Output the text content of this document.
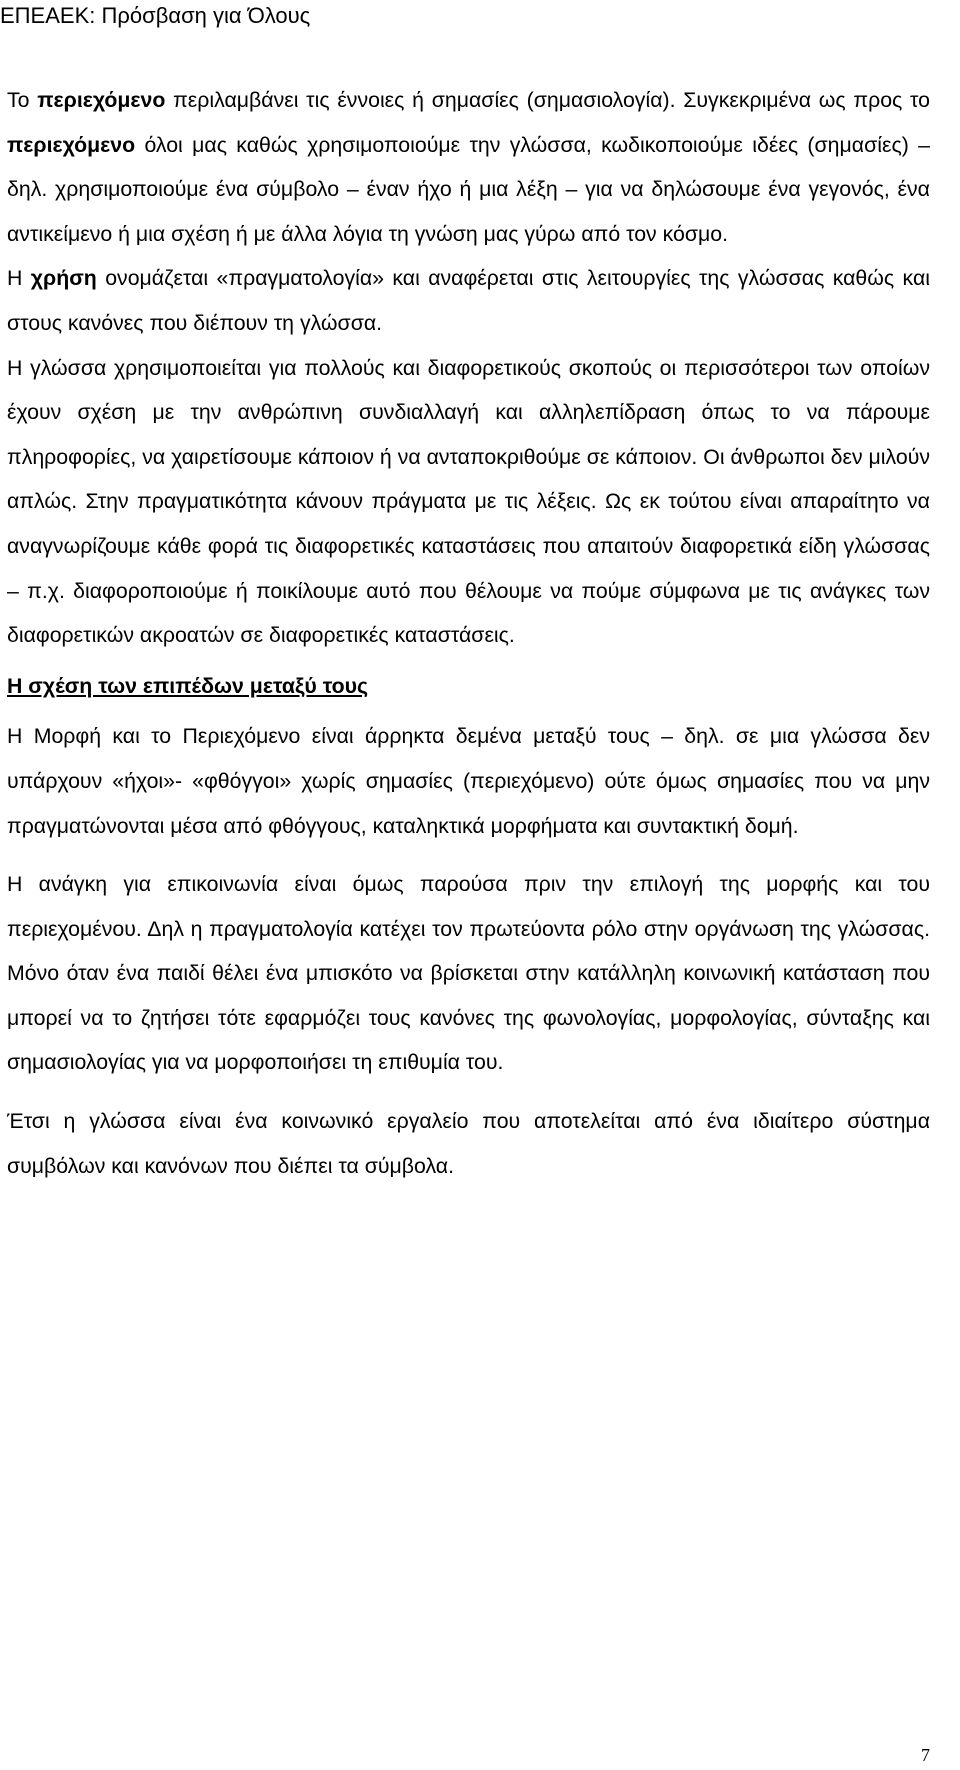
ΕΠΕΑΕΚ: Πρόσβαση για Όλους

Το περιεχόμενο περιλαμβάνει τις έννοιες ή σημασίες (σημασιολογία). Συγκεκριμένα ως προς το περιεχόμενο όλοι μας καθώς χρησιμοποιούμε την γλώσσα, κωδικοποιούμε ιδέες (σημασίες) – δηλ. χρησιμοποιούμε ένα σύμβολο – έναν ήχο ή μια λέξη – για να δηλώσουμε ένα γεγονός, ένα αντικείμενο ή μια σχέση ή με άλλα λόγια τη γνώση μας γύρω από τον κόσμο.

Η χρήση ονομάζεται «πραγματολογία» και αναφέρεται στις λειτουργίες της γλώσσας καθώς και στους κανόνες που διέπουν τη γλώσσα.

Η γλώσσα χρησιμοποιείται για πολλούς και διαφορετικούς σκοπούς οι περισσότεροι των οποίων έχουν σχέση με την ανθρώπινη συνδιαλλαγή και αλληλεπίδραση όπως το να πάρουμε πληροφορίες, να χαιρετίσουμε κάποιον ή να ανταποκριθούμε σε κάποιον. Οι άνθρωποι δεν μιλούν απλώς. Στην πραγματικότητα κάνουν πράγματα με τις λέξεις. Ως εκ τούτου είναι απαραίτητο να αναγνωρίζουμε κάθε φορά τις διαφορετικές καταστάσεις που απαιτούν διαφορετικά είδη γλώσσας – π.χ. διαφοροποιούμε ή ποικίλουμε αυτό που θέλουμε να πούμε σύμφωνα με τις ανάγκες των διαφορετικών ακροατών σε διαφορετικές καταστάσεις.

Η σχέση των επιπέδων μεταξύ τους

Η Μορφή και το Περιεχόμενο είναι άρρηκτα δεμένα μεταξύ τους – δηλ. σε μια γλώσσα δεν υπάρχουν «ήχοι»- «φθόγγοι» χωρίς σημασίες (περιεχόμενο) ούτε όμως σημασίες που να μην πραγματώνονται μέσα από φθόγγους, καταληκτικά μορφήματα και συντακτική δομή.

Η ανάγκη για επικοινωνία είναι όμως παρούσα πριν την επιλογή της μορφής και του περιεχομένου. Δηλ η πραγματολογία κατέχει τον πρωτεύοντα ρόλο στην οργάνωση της γλώσσας. Μόνο όταν ένα παιδί θέλει ένα μπισκότο να βρίσκεται στην κατάλληλη κοινωνική κατάσταση που μπορεί να το ζητήσει τότε εφαρμόζει τους κανόνες της φωνολογίας, μορφολογίας, σύνταξης και σημασιολογίας για να μορφοποιήσει τη επιθυμία του.

Έτσι η γλώσσα είναι ένα κοινωνικό εργαλείο που αποτελείται από ένα ιδιαίτερο σύστημα συμβόλων και κανόνων που διέπει τα σύμβολα.

7
